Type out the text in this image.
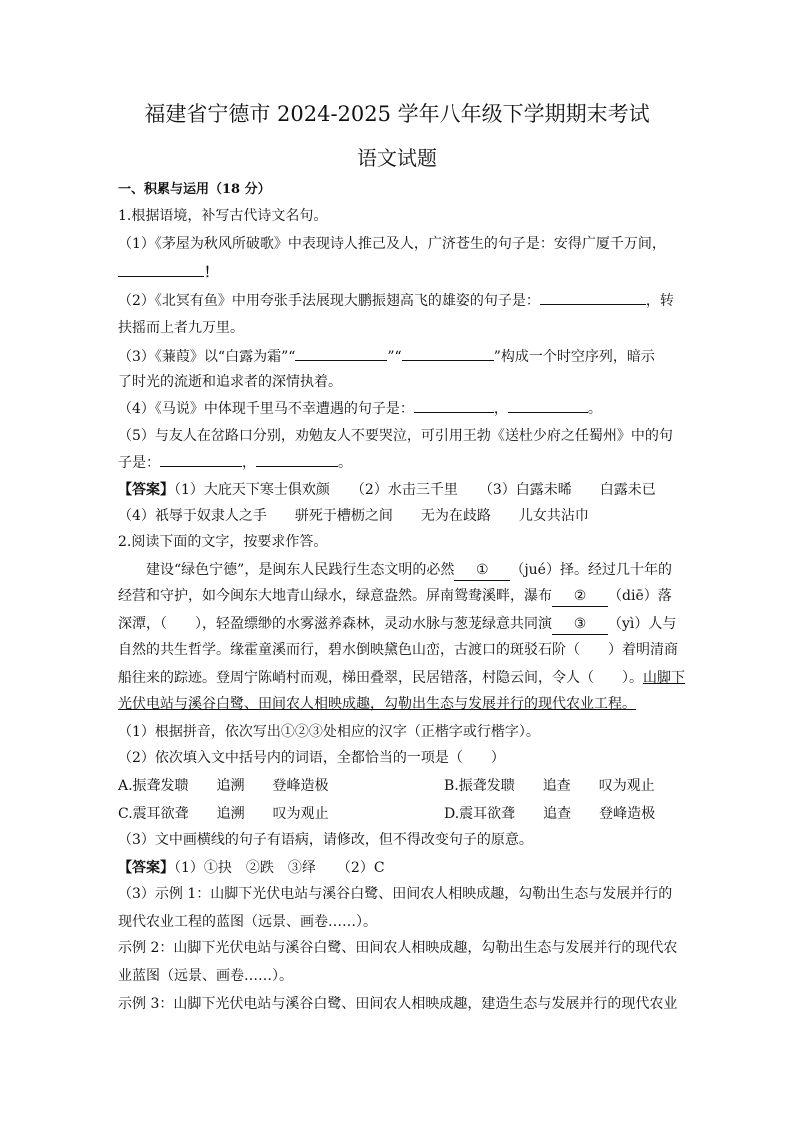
福建省宁德市 2024-2025 学年八年级下学期期末考试
语文试题
一、积累与运用（18 分）
1.根据语境，补写古代诗文名句。
（1）《茅屋为秋风所破歌》中表现诗人推己及人，广济苍生的句子是：安得广厦千万间，
！
（2）《北冥有鱼》中用夸张手法展现大鹏振翅高飞的雄姿的句子是：	，转
扶摇而上者九万里。
（3）《蒹葭》以“白露为霜”“	”“	”构成一个时空序列，暗示
了时光的流逝和追求者的深情执着。
（4）《马说》中体现千里马不幸遭遇的句子是：	，	。
（5）与友人在岔路口分别，劝勉友人不要哭泣，可引用王勃《送杜少府之任蜀州》中的句
子是：	，	。
【答案】（1）大庇天下寒士俱欢颜　　（2）水击三千里　　（3）白露未晞　　白露未已
（4）祇辱于奴隶人之手　　骈死于槽枥之间　　无为在歧路　　儿女共沾巾
2.阅读下面的文字，按要求作答。
建设“绿色宁德”，是闽东人民践行生态文明的必然 ① （jué）择。经过几十年的
经营和守护，如今闽东大地青山绿水，绿意盎然。屏南鸳鸯溪畔，瀑布 ② （diē）落
深潭，（　　），轻盈缥缈的水雾滋养森林，灵动水脉与葱茏绿意共同演 ③ （yì）人与
自然的共生哲学。缘霍童溪而行，碧水倒映黛色山峦，古渡口的斑驳石阶（　　）着明清商
船往来的踪迹。登周宁陈峭村而观，梯田叠翠，民居错落，村隐云间，令人（　　）。山脚下
光伏电站与溪谷白鹭、田间农人相映成趣，勾勒出生态与发展并行的现代农业工程。
（1）根据拼音，依次写出①②③处相应的汉字（正楷字或行楷字）。
（2）依次填入文中括号内的词语，全都恰当的一项是（　　）
A.振聋发聩　　追溯　　登峰造极	B.振聋发聩　　追查　　叹为观止
C.震耳欲聋　　追溯　　叹为观止	D.震耳欲聋　　追查　　登峰造极
（3）文中画横线的句子有语病，请修改，但不得改变句子的原意。
【答案】（1）①抉　②跌　③绎　　（2）C
（3）示例 1：山脚下光伏电站与溪谷白鹭、田间农人相映成趣，勾勒出生态与发展并行的
现代农业工程的蓝图（远景、画卷……）。
示例 2：山脚下光伏电站与溪谷白鹭、田间农人相映成趣，勾勒出生态与发展并行的现代农
业蓝图（远景、画卷……）。
示例 3：山脚下光伏电站与溪谷白鹭、田间农人相映成趣，建造生态与发展并行的现代农业
